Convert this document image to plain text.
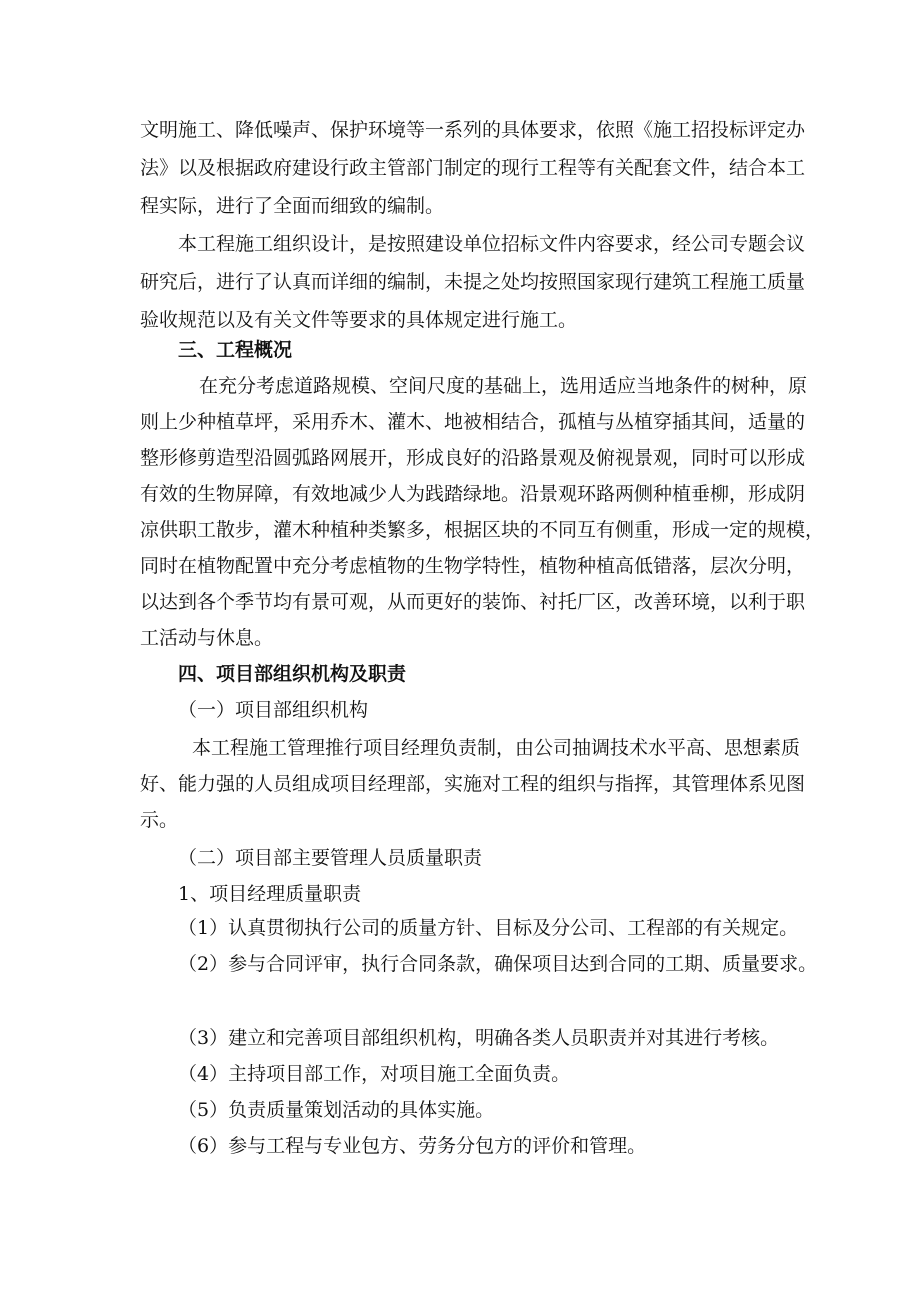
文明施工、降低噪声、保护环境等一系列的具体要求，依照《施工招投标评定办
法》以及根据政府建设行政主管部门制定的现行工程等有关配套文件，结合本工
程实际，进行了全面而细致的编制。
本工程施工组织设计，是按照建设单位招标文件内容要求，经公司专题会议
研究后，进行了认真而详细的编制，未提之处均按照国家现行建筑工程施工质量
验收规范以及有关文件等要求的具体规定进行施工。
三、工程概况
在充分考虑道路规模、空间尺度的基础上，选用适应当地条件的树种，原
则上少种植草坪，采用乔木、灌木、地被相结合，孤植与丛植穿插其间，适量的
整形修剪造型沿圆弧路网展开，形成良好的沿路景观及俯视景观，同时可以形成
有效的生物屏障，有效地减少人为践踏绿地。沿景观环路两侧种植垂柳，形成阴
凉供职工散步，灌木种植种类繁多，根据区块的不同互有侧重，形成一定的规模，
同时在植物配置中充分考虑植物的生物学特性，植物种植高低错落，层次分明，
以达到各个季节均有景可观，从而更好的装饰、衬托厂区，改善环境，以利于职
工活动与休息。
四、项目部组织机构及职责
（一）项目部组织机构
本工程施工管理推行项目经理负责制，由公司抽调技术水平高、思想素质
好、能力强的人员组成项目经理部，实施对工程的组织与指挥，其管理体系见图
示。
（二）项目部主要管理人员质量职责
1、项目经理质量职责
（1）认真贯彻执行公司的质量方针、目标及分公司、工程部的有关规定。
（2）参与合同评审，执行合同条款，确保项目达到合同的工期、质量要求。
（3）建立和完善项目部组织机构，明确各类人员职责并对其进行考核。
（4）主持项目部工作，对项目施工全面负责。
（5）负责质量策划活动的具体实施。
（6）参与工程与专业包方、劳务分包方的评价和管理。
